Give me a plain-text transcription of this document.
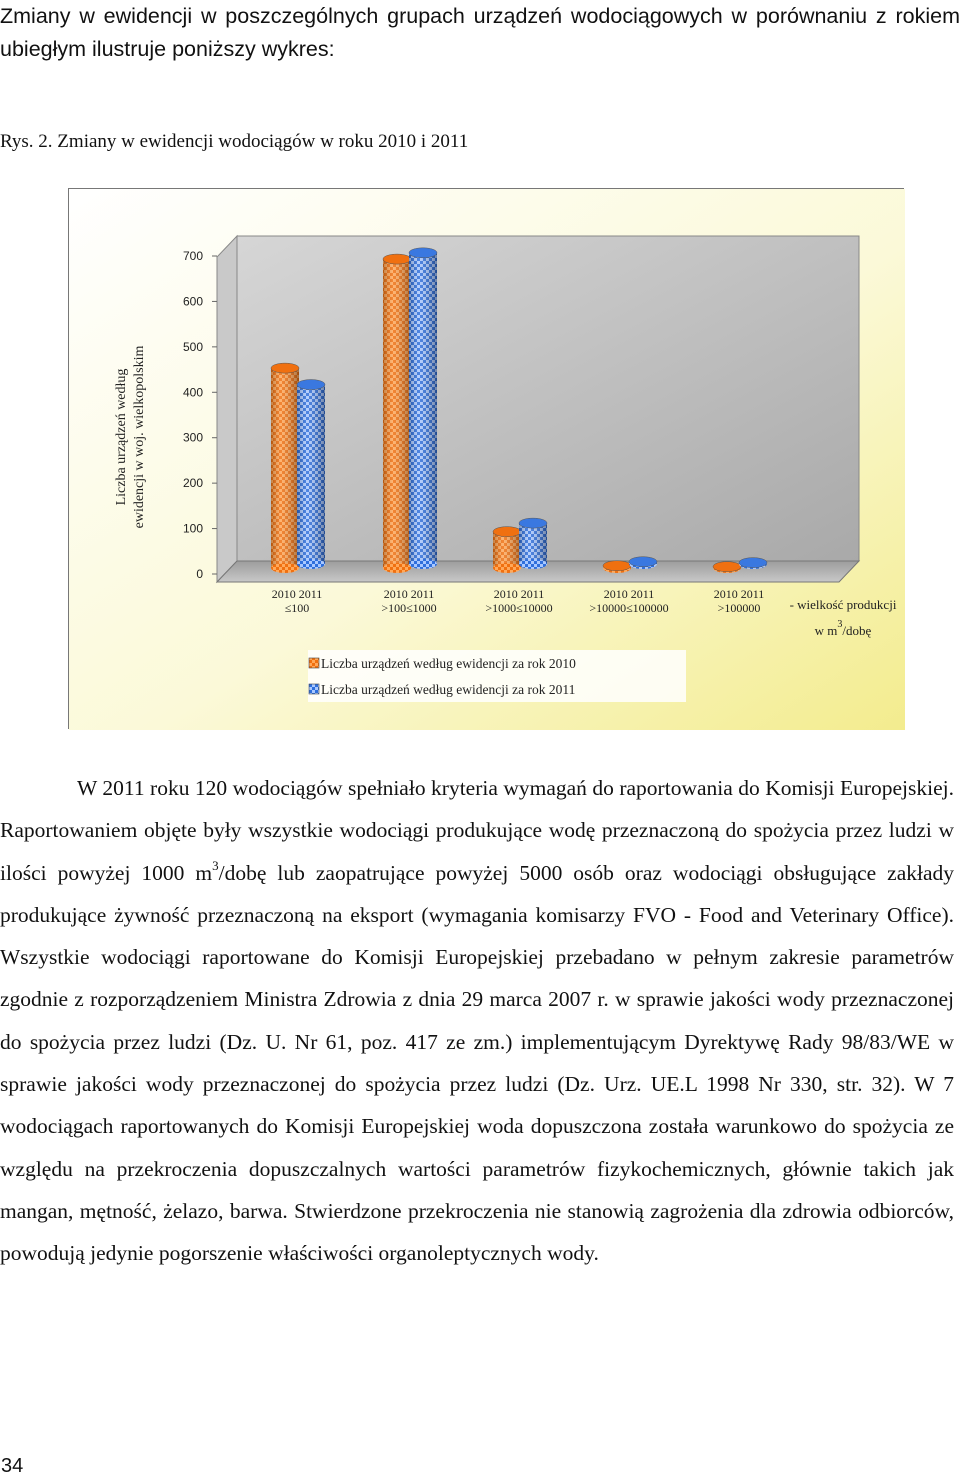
Zmiany w ewidencji w poszczególnych grupach urządzeń wodociągowych w porównaniu z rokiem ubiegłym ilustruje poniższy wykres:

Rys. 2. Zmiany w ewidencji wodociągów w roku 2010 i 2011

0
100
200
300
400
500
600
700
2010 2011
≤100
2010 2011
>100≤1000
2010 2011
>1000≤10000
2010 2011
>10000≤100000
2010 2011
>100000
Liczba urządzeń według ewidencji w woj. wielkopolskim
- wielkość produkcji
w $m^3$/dobę
Liczba urządzeń według ewidencji za rok 2010
Liczba urządzeń według ewidencji za rok 2011

W 2011 roku 120 wodociągów spełniało kryteria wymagań do raportowania do Komisji Europejskiej. Raportowaniem objęte były wszystkie wodociągi produkujące wodę przeznaczoną do spożycia przez ludzi w ilości powyżej 1000 $m^3$/dobę lub zaopatrujące powyżej 5000 osób oraz wodociągi obsługujące zakłady produkujące żywność przeznaczoną na eksport (wymagania komisarzy FVO - Food and Veterinary Office). Wszystkie wodociągi raportowane do Komisji Europejskiej przebadano w pełnym zakresie parametrów zgodnie z rozporządzeniem Ministra Zdrowia z dnia 29 marca 2007 r. w sprawie jakości wody przeznaczonej do spożycia przez ludzi (Dz. U. Nr 61, poz. 417 ze zm.) implementującym Dyrektywę Rady 98/83/WE w sprawie jakości wody przeznaczonej do spożycia przez ludzi (Dz. Urz. UE.L 1998 Nr 330, str. 32). W 7 wodociągach raportowanych do Komisji Europejskiej woda dopuszczona została warunkowo do spożycia ze względu na przekroczenia dopuszczalnych wartości parametrów fizykochemicznych, głównie takich jak mangan, mętność, żelazo, barwa. Stwierdzone przekroczenia nie stanowią zagrożenia dla zdrowia odbiorców, powodują jedynie pogorszenie właściwości organoleptycznych wody.

34
